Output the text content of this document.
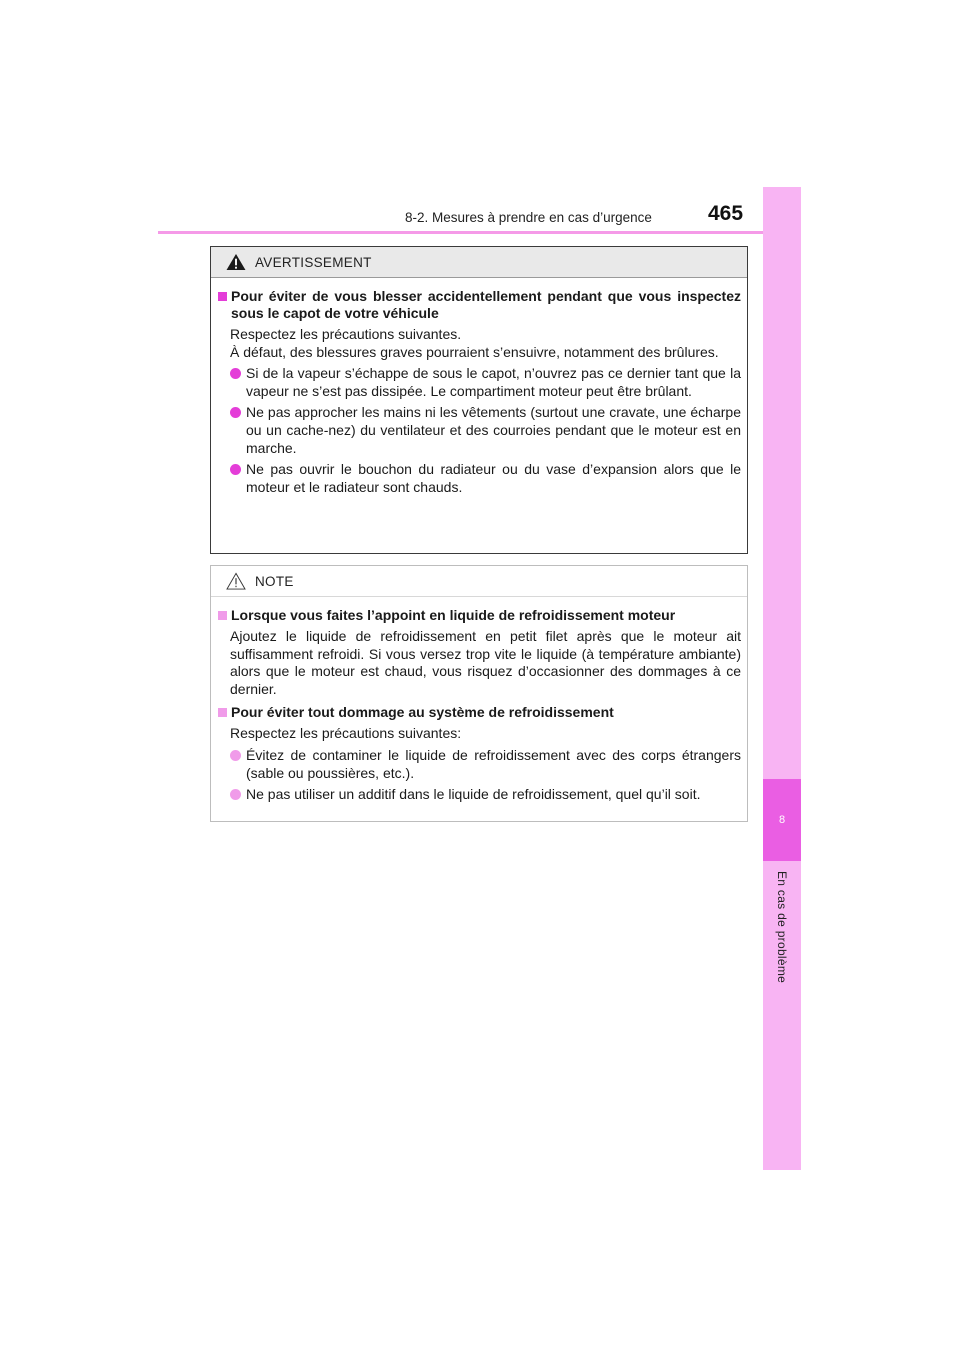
8-2. Mesures à prendre en cas d’urgence	465
8
En cas de problème
AVERTISSEMENT
Pour éviter de vous blesser accidentellement pendant que vous inspectez sous le capot de votre véhicule
Respectez les précautions suivantes.
À défaut, des blessures graves pourraient s’ensuivre, notamment des brûlures.
Si de la vapeur s’échappe de sous le capot, n’ouvrez pas ce dernier tant que la vapeur ne s’est pas dissipée. Le compartiment moteur peut être brûlant.
Ne pas approcher les mains ni les vêtements (surtout une cravate, une écharpe ou un cache-nez) du ventilateur et des courroies pendant que le moteur est en marche.
Ne pas ouvrir le bouchon du radiateur ou du vase d’expansion alors que le moteur et le radiateur sont chauds.
NOTE
Lorsque vous faites l’appoint en liquide de refroidissement moteur
Ajoutez le liquide de refroidissement en petit filet après que le moteur ait suffisamment refroidi. Si vous versez trop vite le liquide (à température ambiante) alors que le moteur est chaud, vous risquez d’occasionner des dommages à ce dernier.
Pour éviter tout dommage au système de refroidissement
Respectez les précautions suivantes:
Évitez de contaminer le liquide de refroidissement avec des corps étrangers (sable ou poussières, etc.).
Ne pas utiliser un additif dans le liquide de refroidissement, quel qu’il soit.
